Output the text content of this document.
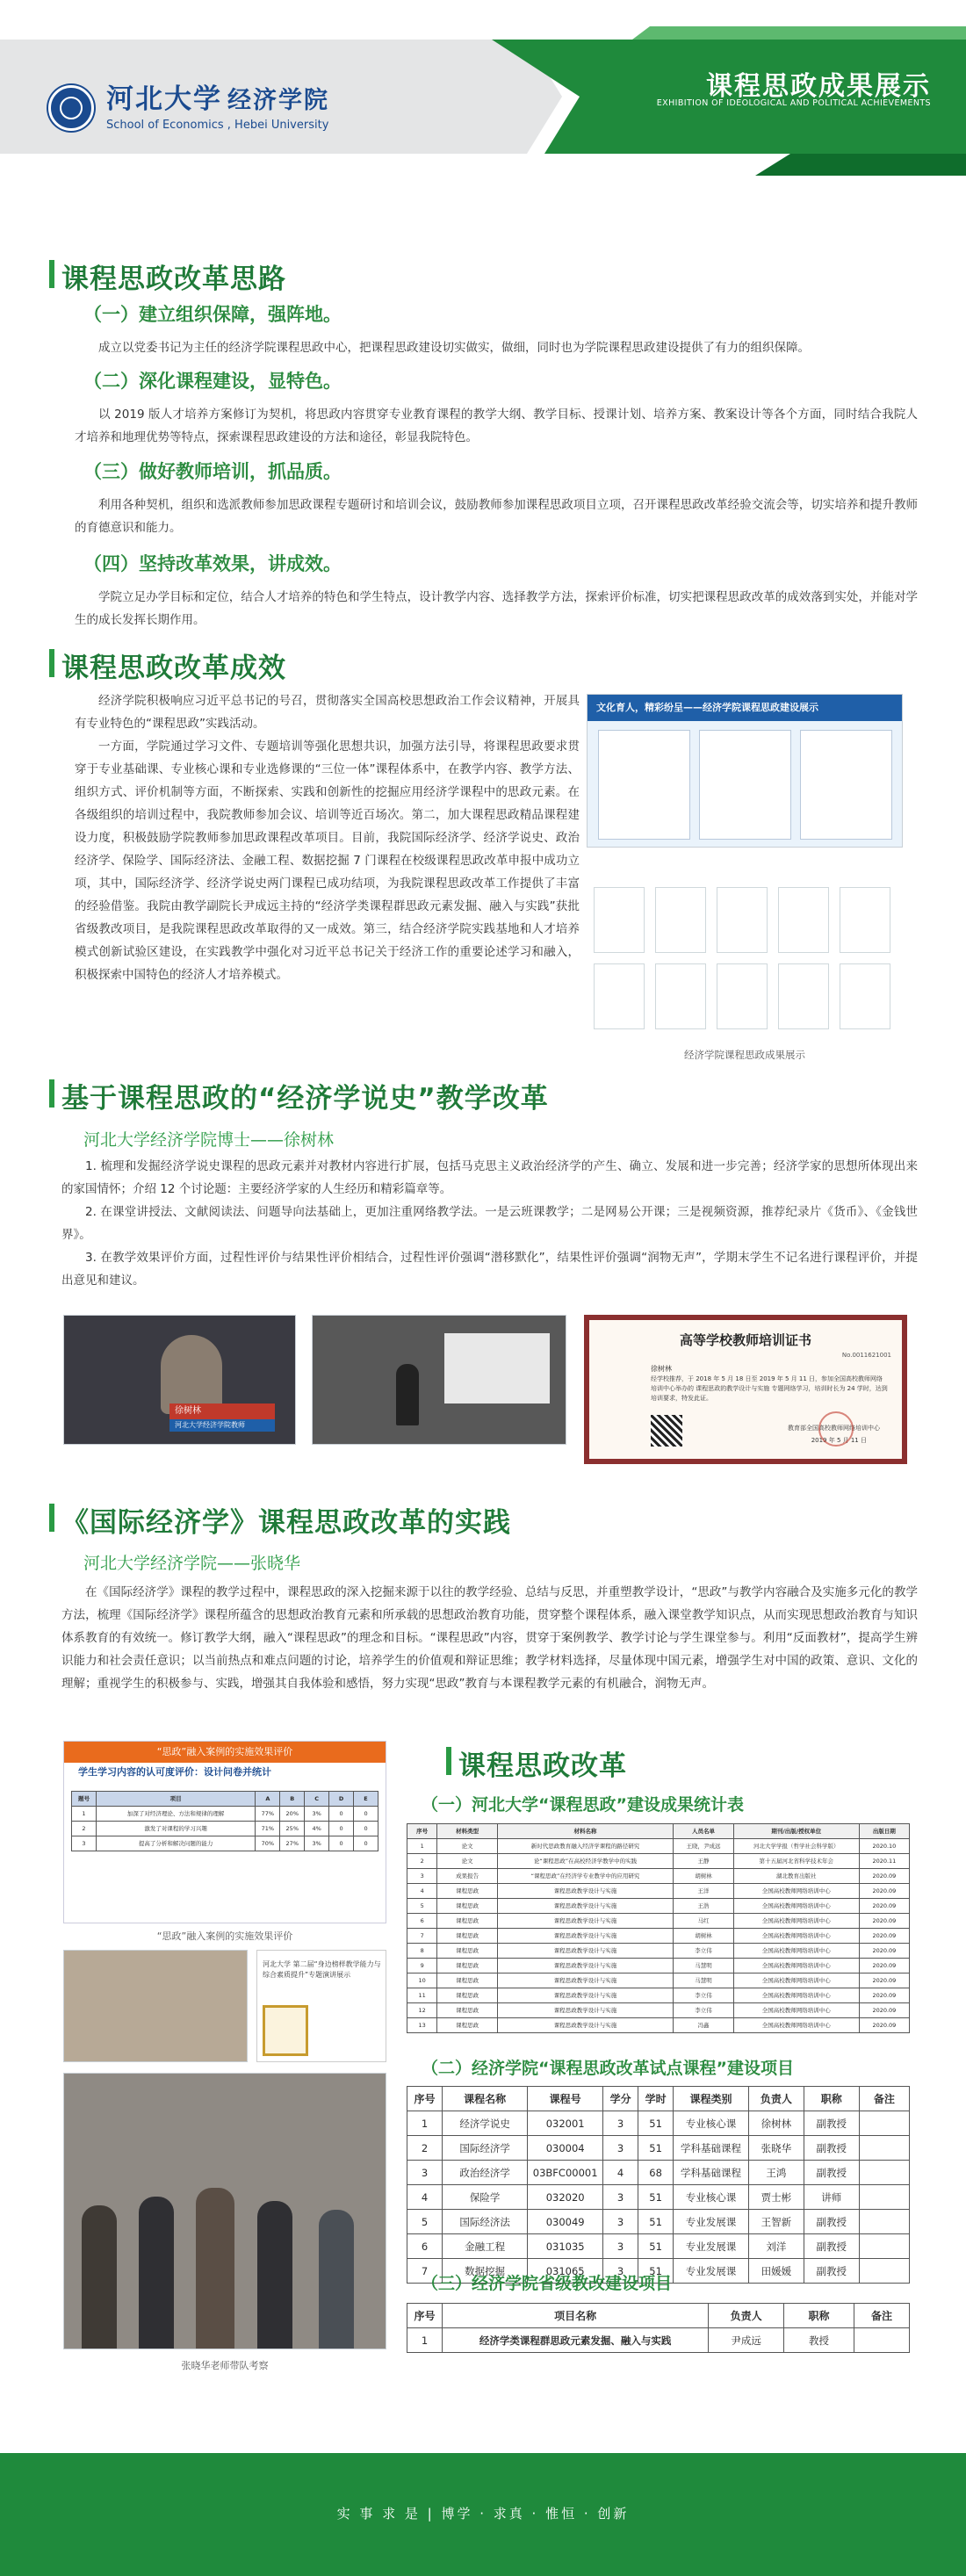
河北大学 经济学院
School of Economics , Hebei University
课程思政成果展示
EXHIBITION OF IDEOLOGICAL AND POLITICAL ACHIEVEMENTS
课程思政改革思路
（一）建立组织保障，强阵地。
成立以党委书记为主任的经济学院课程思政中心，把课程思政建设切实做实，做细，同时也为学院课程思政建设提供了有力的组织保障。
（二）深化课程建设，显特色。
以 2019 版人才培养方案修订为契机，将思政内容贯穿专业教育课程的教学大纲、教学目标、授课计划、培养方案、教案设计等各个方面，同时结合我院人才培养和地理优势等特点，探索课程思政建设的方法和途径，彰显我院特色。
（三）做好教师培训，抓品质。
利用各种契机，组织和选派教师参加思政课程专题研讨和培训会议，鼓励教师参加课程思政项目立项，召开课程思政改革经验交流会等，切实培养和提升教师的育德意识和能力。
（四）坚持改革效果，讲成效。
学院立足办学目标和定位，结合人才培养的特色和学生特点，设计教学内容、选择教学方法，探索评价标准，切实把课程思政改革的成效落到实处，并能对学生的成长发挥长期作用。
课程思政改革成效
经济学院积极响应习近平总书记的号召，贯彻落实全国高校思想政治工作会议精神，开展具有专业特色的“课程思政”实践活动。
一方面，学院通过学习文件、专题培训等强化思想共识，加强方法引导，将课程思政要求贯穿于专业基础课、专业核心课和专业选修课的“三位一体”课程体系中，在教学内容、教学方法、组织方式、评价机制等方面，不断探索、实践和创新性的挖掘应用经济学课程中的思政元素。在各级组织的培训过程中，我院教师参加会议、培训等近百场次。第二，加大课程思政精品课程建设力度，积极鼓励学院教师参加思政课程改革项目。目前，我院国际经济学、经济学说史、政治经济学、保险学、国际经济法、金融工程、数据挖掘 7 门课程在校级课程思政改革申报中成功立项，其中，国际经济学、经济学说史两门课程已成功结项，为我院课程思政改革工作提供了丰富的经验借鉴。我院由教学副院长尹成远主持的“经济学类课程群思政元素发掘、融入与实践”获批省级教改项目，是我院课程思政改革取得的又一成效。第三，结合经济学院实践基地和人才培养模式创新试验区建设，在实践教学中强化对习近平总书记关于经济工作的重要论述学习和融入，积极探索中国特色的经济人才培养模式。
文化育人，精彩纷呈——经济学院课程思政建设展示
经济学院课程思政成果展示
基于课程思政的“经济学说史”教学改革
河北大学经济学院博士——徐树林
1. 梳理和发掘经济学说史课程的思政元素并对教材内容进行扩展，包括马克思主义政治经济学的产生、确立、发展和进一步完善；经济学家的思想所体现出来的家国情怀；介绍 12 个讨论题：主要经济学家的人生经历和精彩篇章等。
2. 在课堂讲授法、文献阅读法、问题导向法基础上，更加注重网络教学法。一是云班课教学；二是网易公开课；三是视频资源，推荐纪录片《货币》、《金钱世界》。
3. 在教学效果评价方面，过程性评价与结果性评价相结合，过程性评价强调“潜移默化”，结果性评价强调“润物无声”，学期末学生不记名进行课程评价，并提出意见和建议。
徐树林
河北大学经济学院教师
高等学校教师培训证书
No.0011621001
徐树林
经学校推荐，于 2018 年 5 月 18 日至 2019 年 5 月 11 日，参加全国高校教师网络培训中心举办的 课程思政的教学设计与实施 专题网络学习，培训时长为 24 学时，达到培训要求，特发此证。
教育部全国高校教师网络培训中心
2019 年 5 月 11 日
《国际经济学》课程思政改革的实践
河北大学经济学院——张晓华
在《国际经济学》课程的教学过程中，课程思政的深入挖掘来源于以往的教学经验、总结与反思，并重塑教学设计，“思政”与教学内容融合及实施多元化的教学方法，梳理《国际经济学》课程所蕴含的思想政治教育元素和所承载的思想政治教育功能，贯穿整个课程体系，融入课堂教学知识点，从而实现思想政治教育与知识体系教育的有效统一。修订教学大纲，融入“课程思政”的理念和目标。“课程思政”内容，贯穿于案例教学、教学讨论与学生课堂参与。利用“反面教材”，提高学生辨识能力和社会责任意识；以当前热点和难点问题的讨论，培养学生的价值观和辩证思维；教学材料选择，尽量体现中国元素，增强学生对中国的政策、意识、文化的理解；重视学生的积极参与、实践，增强其自我体验和感悟，努力实现“思政”教育与本课程教学元素的有机融合，润物无声。
“思政”融入案例的实施效果评价
学生学习内容的认可度评价：设计问卷并统计
题号	项目	A	B	C	D	E
1	加深了对经济理论、方法和规律的理解	77%	20%	3%	0	0
2	激发了对课程的学习兴趣	71%	25%	4%	0	0
3	提高了分析和解决问题的能力	70%	27%	3%	0	0
“思政”融入案例的实施效果评价
河北大学 第二届“身边榜样教学能力与综合素质提升”专题演讲展示
张晓华老师带队考察
课程思政改革
（一）河北大学“课程思政”建设成果统计表
序号	材料类型	材料名称	人员名单	期刊/出版/授权单位	出版日期
1	论文	新时代思政教育融入经济学课程的路径研究	王晓，尹成远	河北大学学报（哲学社会科学版）	2020.10
2	论文	论“课程思政”在高校经济学教学中的实践	王静	第十五届河北省科学技术年会	2020.11
3	成果报告	“课程思政”在经济学专业教学中的应用研究	胡树林	湖北教育出版社	2020.09
4	课程思政	课程思政教学设计与实施	王洋	全国高校教师网络培训中心	2020.09
5	课程思政	课程思政教学设计与实施	王浩	全国高校教师网络培训中心	2020.09
6	课程思政	课程思政教学设计与实施	马红	全国高校教师网络培训中心	2020.09
7	课程思政	课程思政教学设计与实施	胡树林	全国高校教师网络培训中心	2020.09
8	课程思政	课程思政教学设计与实施	李立伟	全国高校教师网络培训中心	2020.09
9	课程思政	课程思政教学设计与实施	马慧明	全国高校教师网络培训中心	2020.09
10	课程思政	课程思政教学设计与实施	马慧明	全国高校教师网络培训中心	2020.09
11	课程思政	课程思政教学设计与实施	李立伟	全国高校教师网络培训中心	2020.09
12	课程思政	课程思政教学设计与实施	李立伟	全国高校教师网络培训中心	2020.09
13	课程思政	课程思政教学设计与实施	冯鑫	全国高校教师网络培训中心	2020.09
（二）经济学院“课程思政改革试点课程”建设项目
序号	课程名称	课程号	学分	学时	课程类别	负责人	职称	备注
1	经济学说史	032001	3	51	专业核心课	徐树林	副教授	
2	国际经济学	030004	3	51	学科基础课程	张晓华	副教授	
3	政治经济学	03BFC00001	4	68	学科基础课程	王鸿	副教授	
4	保险学	032020	3	51	专业核心课	贾士彬	讲师	
5	国际经济法	030049	3	51	专业发展课	王智新	副教授	
6	金融工程	031035	3	51	专业发展课	刘洋	副教授	
7	数据挖掘	031065	3	51	专业发展课	田媛媛	副教授	
（三）经济学院省级教改建设项目
序号	项目名称	负责人	职称	备注
1	经济学类课程群思政元素发掘、融入与实践	尹成远	教授	
实 事 求 是 | 博学 · 求真 · 惟恒 · 创新
